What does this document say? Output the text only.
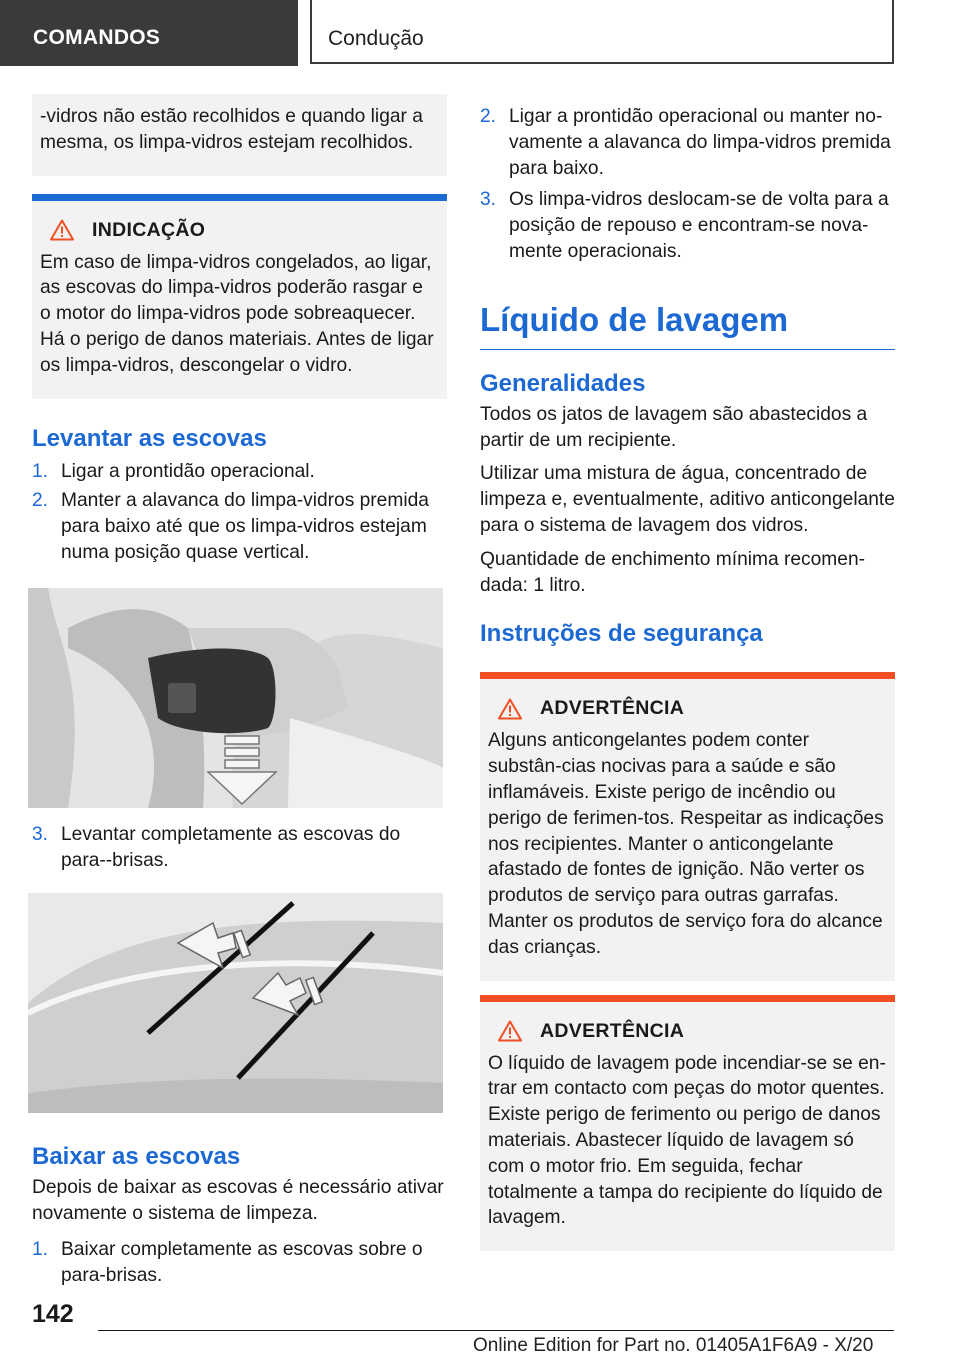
COMANDOS	Condução

-vidros não estão recolhidos e quando ligar a mesma, os limpa-vidros estejam recolhidos.

INDICAÇÃO

Em caso de limpa-vidros congelados, ao ligar, as escovas do limpa-vidros poderão rasgar e o motor do limpa-vidros pode sobreaquecer. Há o perigo de danos materiais. Antes de ligar os limpa-vidros, descongelar o vidro.

Levantar as escovas
1. Ligar a prontidão operacional.
2. Manter a alavanca do limpa-vidros premida para baixo até que os limpa-vidros estejam numa posição quase vertical.
3. Levantar completamente as escovas do para--brisas.
Baixar as escovas

Depois de baixar as escovas é necessário ativar novamente o sistema de limpeza.

1. Baixar completamente as escovas sobre o para-brisas.
2. Ligar a prontidão operacional ou manter no-vamente a alavanca do limpa-vidros premida para baixo.
3. Os limpa-vidros deslocam-se de volta para a posição de repouso e encontram-se nova-mente operacionais.
Líquido de lavagem
Generalidades

Todos os jatos de lavagem são abastecidos a partir de um recipiente.

Utilizar uma mistura de água, concentrado de limpeza e, eventualmente, aditivo anticongelante para o sistema de lavagem dos vidros.

Quantidade de enchimento mínima recomen-dada: 1 litro.

Instruções de segurança
ADVERTÊNCIA

Alguns anticongelantes podem conter substân-cias nocivas para a saúde e são inflamáveis. Existe perigo de incêndio ou perigo de ferimen-tos. Respeitar as indicações nos recipientes. Manter o anticongelante afastado de fontes de ignição. Não verter os produtos de serviço para outras garrafas. Manter os produtos de serviço fora do alcance das crianças.

ADVERTÊNCIA

O líquido de lavagem pode incendiar-se se en-trar em contacto com peças do motor quentes. Existe perigo de ferimento ou perigo de danos materiais. Abastecer líquido de lavagem só com o motor frio. Em seguida, fechar totalmente a tampa do recipiente do líquido de lavagem.

142
Online Edition for Part no. 01405A1F6A9 - X/20
